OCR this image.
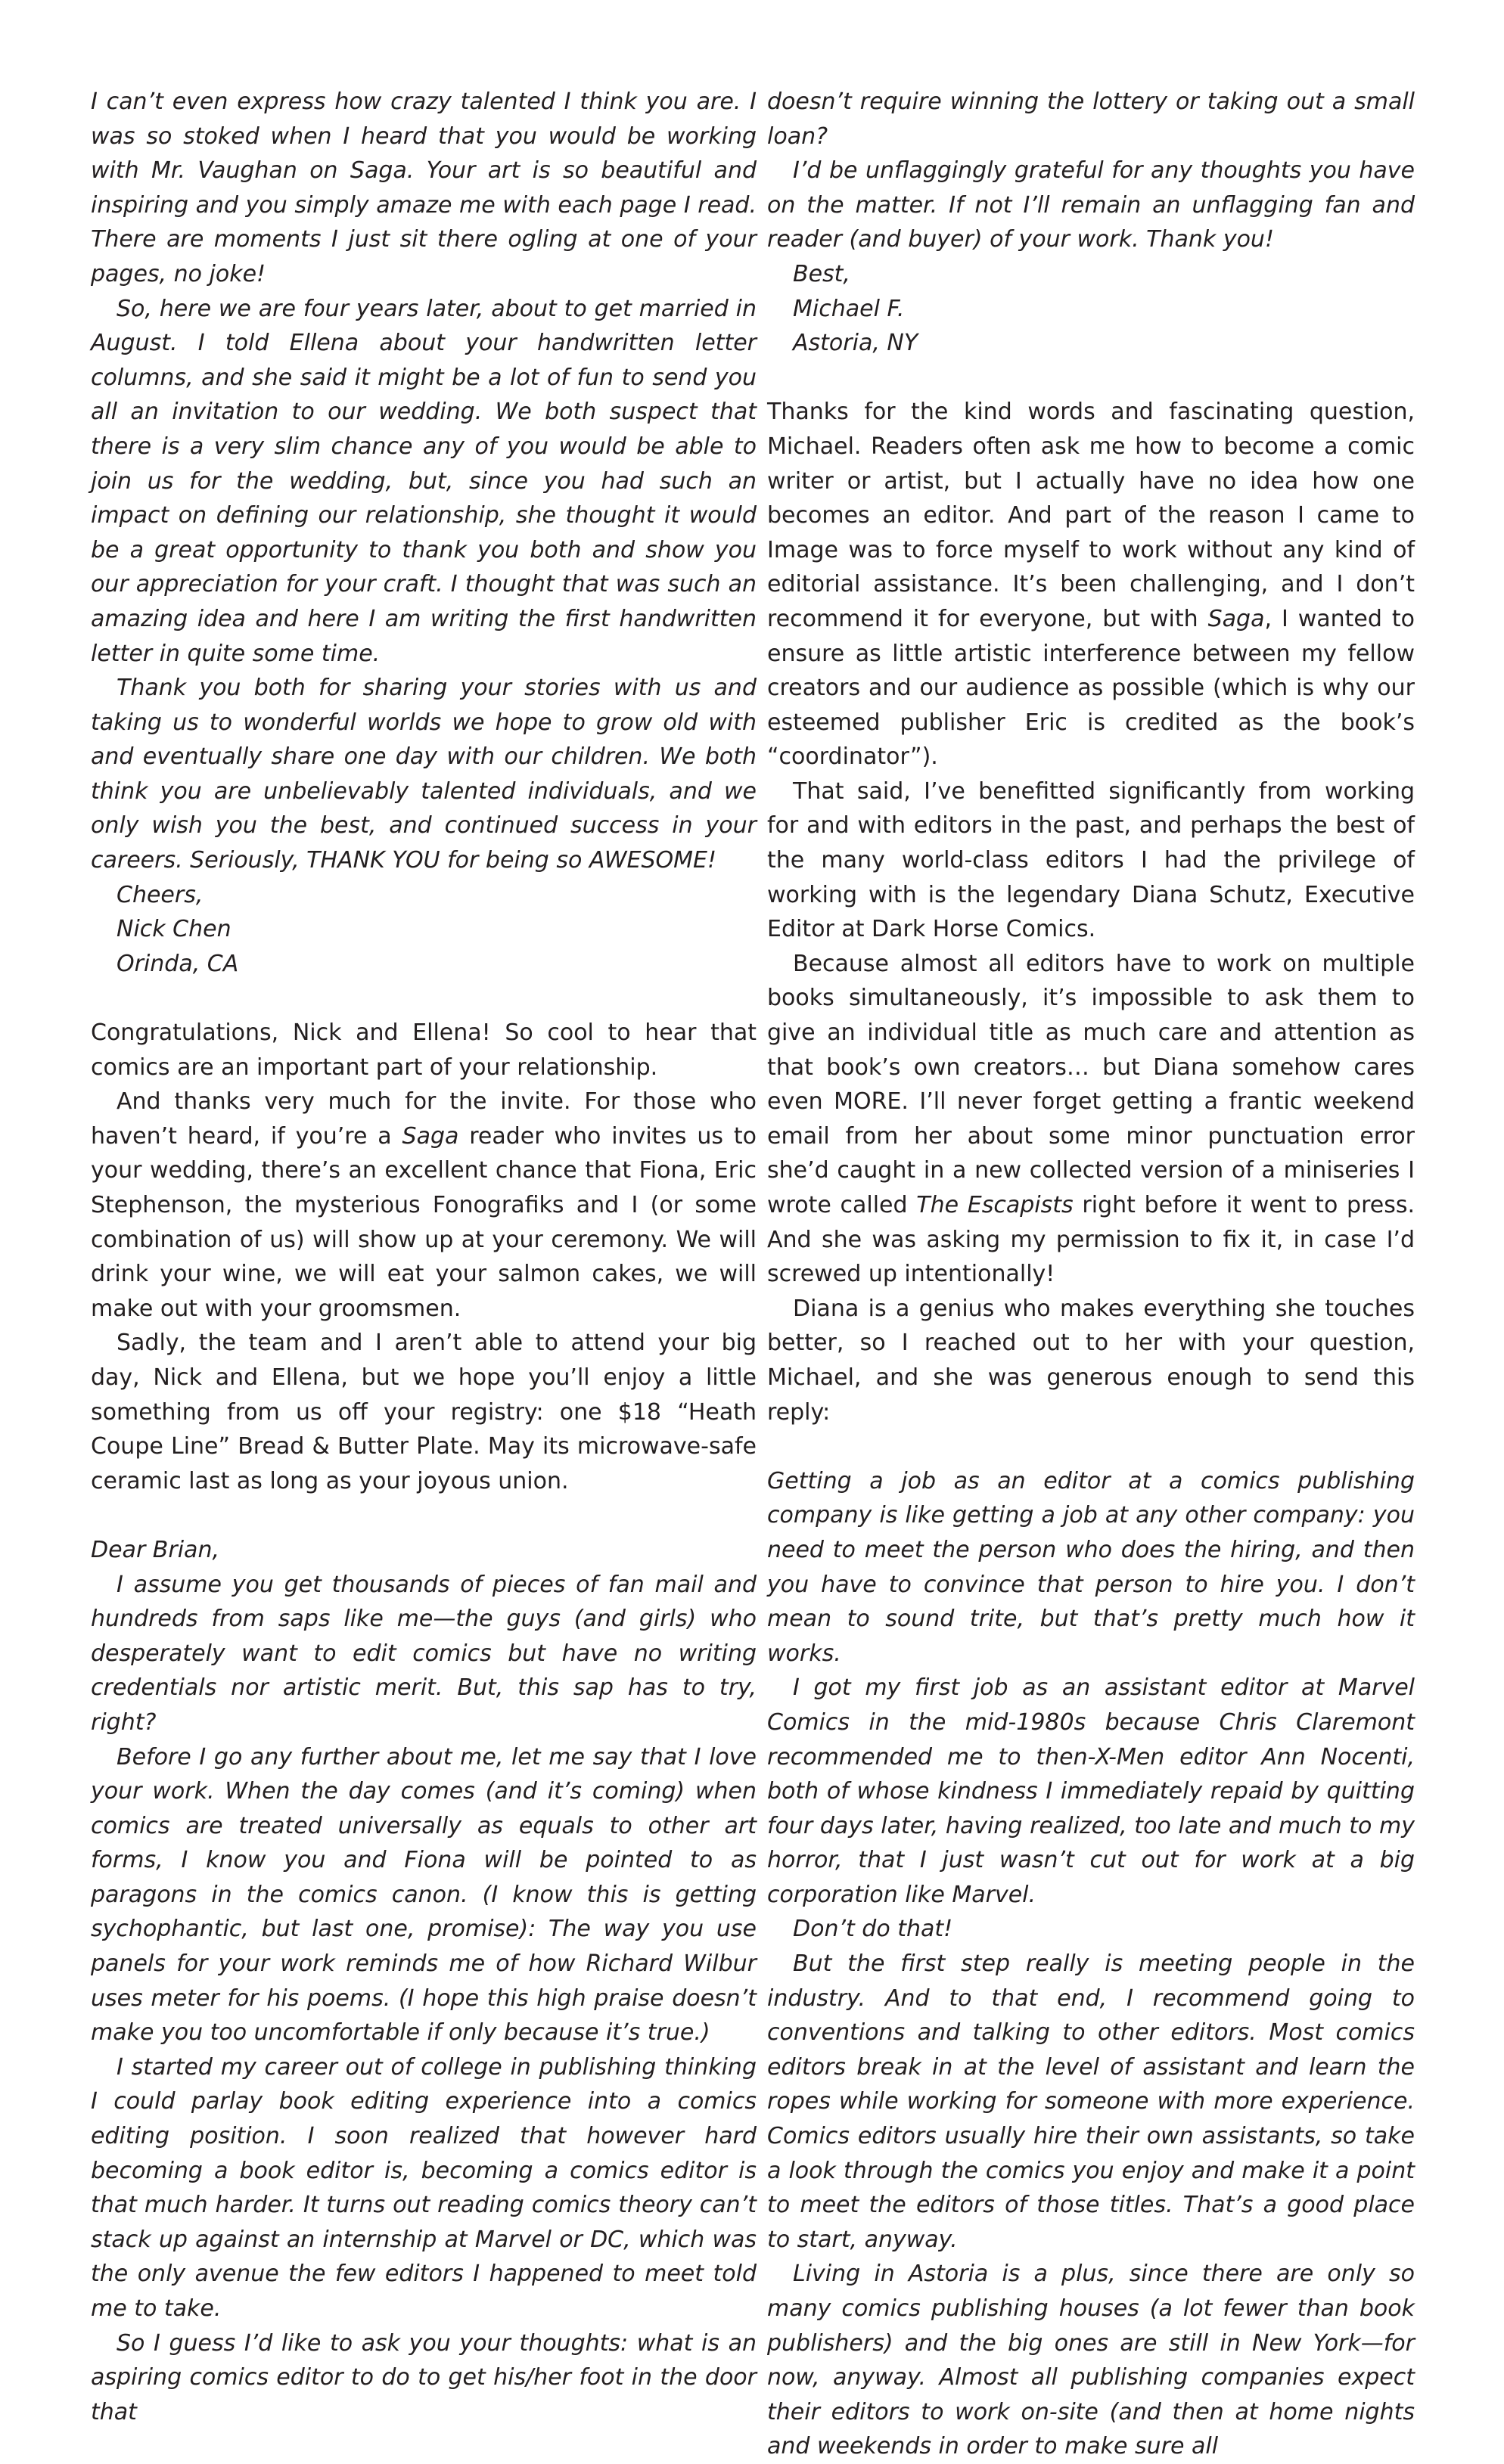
I can’t even express how crazy talented I think you are. I was so stoked when I heard that you would be working with Mr. Vaughan on Saga. Your art is so beautiful and inspiring and you simply amaze me with each page I read. There are moments I just sit there ogling at one of your pages, no joke!

So, here we are four years later, about to get married in August. I told Ellena about your handwritten letter columns, and she said it might be a lot of fun to send you all an invitation to our wedding. We both suspect that there is a very slim chance any of you would be able to join us for the wedding, but, since you had such an impact on defining our relationship, she thought it would be a great opportunity to thank you both and show you our appreciation for your craft. I thought that was such an amazing idea and here I am writing the first handwritten letter in quite some time.

Thank you both for sharing your stories with us and taking us to wonderful worlds we hope to grow old with and eventually share one day with our children. We both think you are unbelievably talented individuals, and we only wish you the best, and continued success in your careers. Seriously, THANK YOU for being so AWESOME!

Cheers,

Nick Chen

Orinda, CA

Congratulations, Nick and Ellena! So cool to hear that comics are an important part of your relationship.

And thanks very much for the invite. For those who haven’t heard, if you’re a Saga reader who invites us to your wedding, there’s an excellent chance that Fiona, Eric Stephenson, the mysterious Fonografiks and I (or some combination of us) will show up at your ceremony. We will drink your wine, we will eat your salmon cakes, we will make out with your groomsmen.

Sadly, the team and I aren’t able to attend your big day, Nick and Ellena, but we hope you’ll enjoy a little something from us off your registry: one $18 “Heath Coupe Line” Bread & Butter Plate. May its microwave-safe ceramic last as long as your joyous union.

Dear Brian,

I assume you get thousands of pieces of fan mail and hundreds from saps like me—the guys (and girls) who desperately want to edit comics but have no writing credentials nor artistic merit. But, this sap has to try, right?

Before I go any further about me, let me say that I love your work. When the day comes (and it’s coming) when comics are treated universally as equals to other art forms, I know you and Fiona will be pointed to as paragons in the comics canon. (I know this is getting sychophantic, but last one, promise): The way you use panels for your work reminds me of how Richard Wilbur uses meter for his poems. (I hope this high praise doesn’t make you too uncomfortable if only because it’s true.)

I started my career out of college in publishing thinking I could parlay book editing experience into a comics editing position. I soon realized that however hard becoming a book editor is, becoming a comics editor is that much harder. It turns out reading comics theory can’t stack up against an internship at Marvel or DC, which was the only avenue the few editors I happened to meet told me to take.

So I guess I’d like to ask you your thoughts: what is an aspiring comics editor to do to get his/her foot in the door that

doesn’t require winning the lottery or taking out a small loan?

I’d be unflaggingly grateful for any thoughts you have on the matter. If not I’ll remain an unflagging fan and reader (and buyer) of your work. Thank you!

Best,

Michael F.

Astoria, NY

Thanks for the kind words and fascinating question, Michael. Readers often ask me how to become a comic writer or artist, but I actually have no idea how one becomes an editor. And part of the reason I came to Image was to force myself to work without any kind of editorial assistance. It’s been challenging, and I don’t recommend it for everyone, but with Saga, I wanted to ensure as little artistic interference between my fellow creators and our audience as possible (which is why our esteemed publisher Eric is credited as the book’s “coordinator”).

That said, I’ve benefitted significantly from working for and with editors in the past, and perhaps the best of the many world-class editors I had the privilege of working with is the legendary Diana Schutz, Executive Editor at Dark Horse Comics.

Because almost all editors have to work on multiple books simultaneously, it’s impossible to ask them to give an individual title as much care and attention as that book’s own creators… but Diana somehow cares even MORE. I’ll never forget getting a frantic weekend email from her about some minor punctuation error she’d caught in a new collected version of a miniseries I wrote called The Escapists right before it went to press. And she was asking my permission to fix it, in case I’d screwed up intentionally!

Diana is a genius who makes everything she touches better, so I reached out to her with your question, Michael, and she was generous enough to send this reply:

Getting a job as an editor at a comics publishing company is like getting a job at any other company: you need to meet the person who does the hiring, and then you have to convince that person to hire you. I don’t mean to sound trite, but that’s pretty much how it works.

I got my first job as an assistant editor at Marvel Comics in the mid-1980s because Chris Claremont recommended me to then-X-Men editor Ann Nocenti, both of whose kindness I immediately repaid by quitting four days later, having realized, too late and much to my horror, that I just wasn’t cut out for work at a big corporation like Marvel.

Don’t do that!

But the first step really is meeting people in the industry. And to that end, I recommend going to conventions and talking to other editors. Most comics editors break in at the level of assistant and learn the ropes while working for someone with more experience. Comics editors usually hire their own assistants, so take a look through the comics you enjoy and make it a point to meet the editors of those titles. That’s a good place to start, anyway.

Living in Astoria is a plus, since there are only so many comics publishing houses (a lot fewer than book publishers) and the big ones are still in New York—for now, anyway. Almost all publishing companies expect their editors to work on-site (and then at home nights and weekends in order to make sure all
